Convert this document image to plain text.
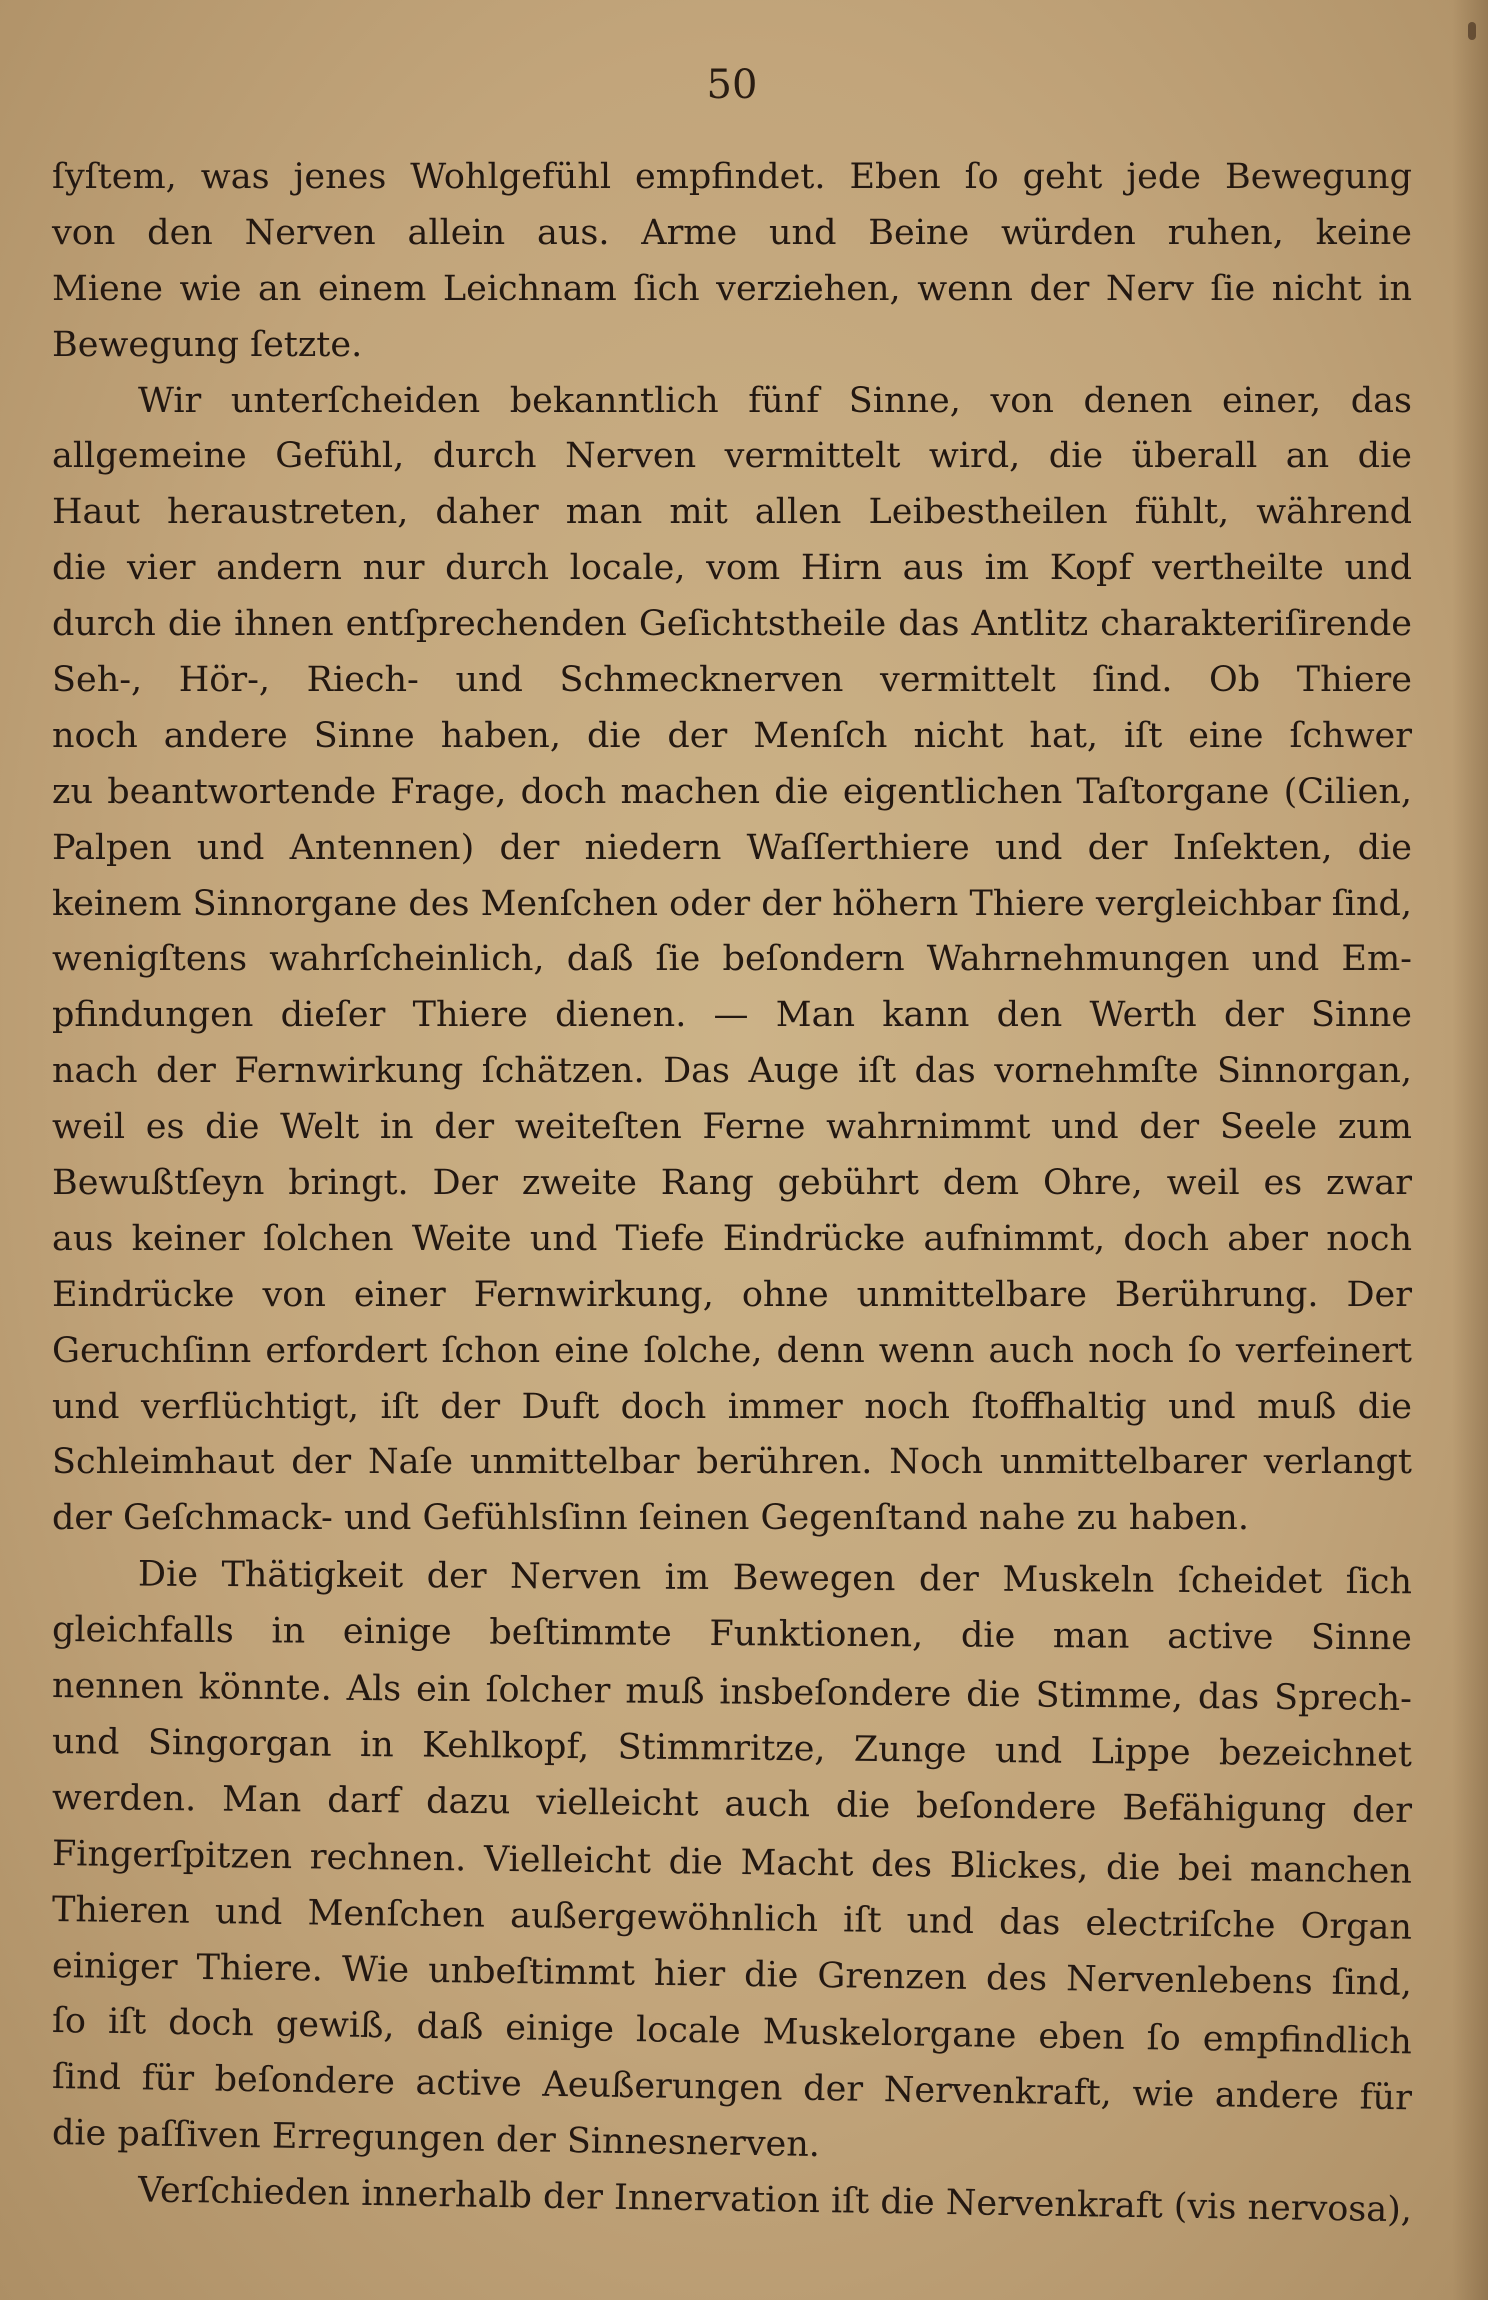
50
ſyſtem, was jenes Wohlgefühl empfindet. Eben ſo geht jede Bewegung
von den Nerven allein aus. Arme und Beine würden ruhen, keine
Miene wie an einem Leichnam ſich verziehen, wenn der Nerv ſie nicht in
Bewegung ſetzte.
Wir unterſcheiden bekanntlich fünf Sinne, von denen einer, das
allgemeine Gefühl, durch Nerven vermittelt wird, die überall an die
Haut heraustreten, daher man mit allen Leibestheilen fühlt, während
die vier andern nur durch locale, vom Hirn aus im Kopf vertheilte und
durch die ihnen entſprechenden Geſichtstheile das Antlitz charakteriſirende
Seh-, Hör-, Riech- und Schmecknerven vermittelt ſind. Ob Thiere
noch andere Sinne haben, die der Menſch nicht hat, iſt eine ſchwer
zu beantwortende Frage, doch machen die eigentlichen Taſtorgane (Cilien,
Palpen und Antennen) der niedern Waſſerthiere und der Inſekten, die
keinem Sinnorgane des Menſchen oder der höhern Thiere vergleichbar ſind,
wenigſtens wahrſcheinlich, daß ſie beſondern Wahrnehmungen und Em-
pfindungen dieſer Thiere dienen. — Man kann den Werth der Sinne
nach der Fernwirkung ſchätzen. Das Auge iſt das vornehmſte Sinnorgan,
weil es die Welt in der weiteſten Ferne wahrnimmt und der Seele zum
Bewußtſeyn bringt. Der zweite Rang gebührt dem Ohre, weil es zwar
aus keiner ſolchen Weite und Tiefe Eindrücke aufnimmt, doch aber noch
Eindrücke von einer Fernwirkung, ohne unmittelbare Berührung. Der
Geruchſinn erfordert ſchon eine ſolche, denn wenn auch noch ſo verfeinert
und verflüchtigt, iſt der Duft doch immer noch ſtoffhaltig und muß die
Schleimhaut der Naſe unmittelbar berühren. Noch unmittelbarer verlangt
der Geſchmack- und Gefühlsſinn ſeinen Gegenſtand nahe zu haben.
Die Thätigkeit der Nerven im Bewegen der Muskeln ſcheidet ſich
gleichfalls in einige beſtimmte Funktionen, die man active Sinne
nennen könnte. Als ein ſolcher muß insbeſondere die Stimme, das Sprech-
und Singorgan in Kehlkopf, Stimmritze, Zunge und Lippe bezeichnet
werden. Man darf dazu vielleicht auch die beſondere Befähigung der
Fingerſpitzen rechnen. Vielleicht die Macht des Blickes, die bei manchen
Thieren und Menſchen außergewöhnlich iſt und das electriſche Organ
einiger Thiere. Wie unbeſtimmt hier die Grenzen des Nervenlebens ſind,
ſo iſt doch gewiß, daß einige locale Muskelorgane eben ſo empfindlich
ſind für beſondere active Aeußerungen der Nervenkraft, wie andere für
die paſſiven Erregungen der Sinnesnerven.
Verſchieden innerhalb der Innervation iſt die Nervenkraft (vis nervosa),
